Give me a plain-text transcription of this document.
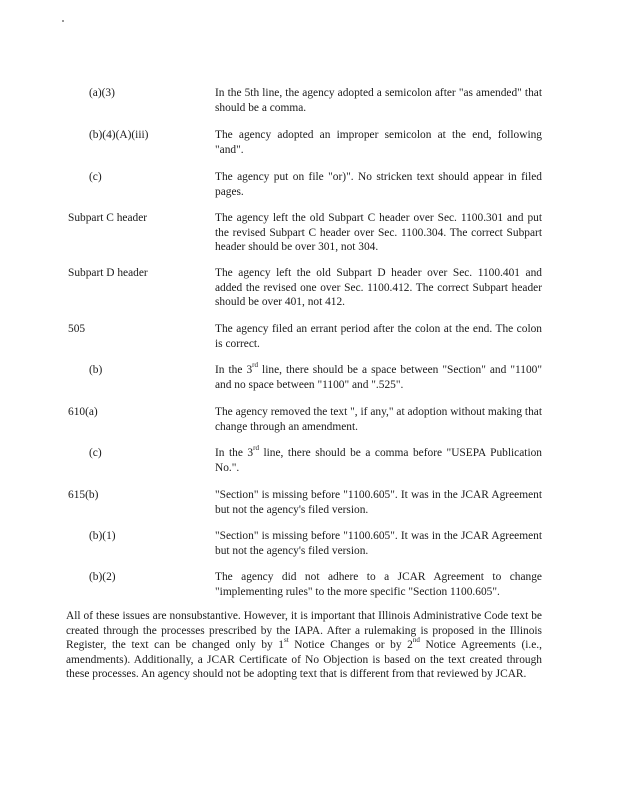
(a)(3)	In the 5th line, the agency adopted a semicolon after "as amended" that should be a comma.
(b)(4)(A)(iii)	The agency adopted an improper semicolon at the end, following "and".
(c)	The agency put on file "or)". No stricken text should appear in filed pages.
Subpart C header	The agency left the old Subpart C header over Sec. 1100.301 and put the revised Subpart C header over Sec. 1100.304. The correct Subpart header should be over 301, not 304.
Subpart D header	The agency left the old Subpart D header over Sec. 1100.401 and added the revised one over Sec. 1100.412. The correct Subpart header should be over 401, not 412.
505	The agency filed an errant period after the colon at the end. The colon is correct.
(b)	In the 3rd line, there should be a space between "Section" and "1100" and no space between "1100" and ".525".
610(a)	The agency removed the text ", if any," at adoption without making that change through an amendment.
(c)	In the 3rd line, there should be a comma before "USEPA Publication No.".
615(b)	"Section" is missing before "1100.605". It was in the JCAR Agreement but not the agency's filed version.
(b)(1)	"Section" is missing before "1100.605". It was in the JCAR Agreement but not the agency's filed version.
(b)(2)	The agency did not adhere to a JCAR Agreement to change "implementing rules" to the more specific "Section 1100.605".
All of these issues are nonsubstantive. However, it is important that Illinois Administrative Code text be created through the processes prescribed by the IAPA. After a rulemaking is proposed in the Illinois Register, the text can be changed only by 1st Notice Changes or by 2nd Notice Agreements (i.e., amendments). Additionally, a JCAR Certificate of No Objection is based on the text created through these processes. An agency should not be adopting text that is different from that reviewed by JCAR.
